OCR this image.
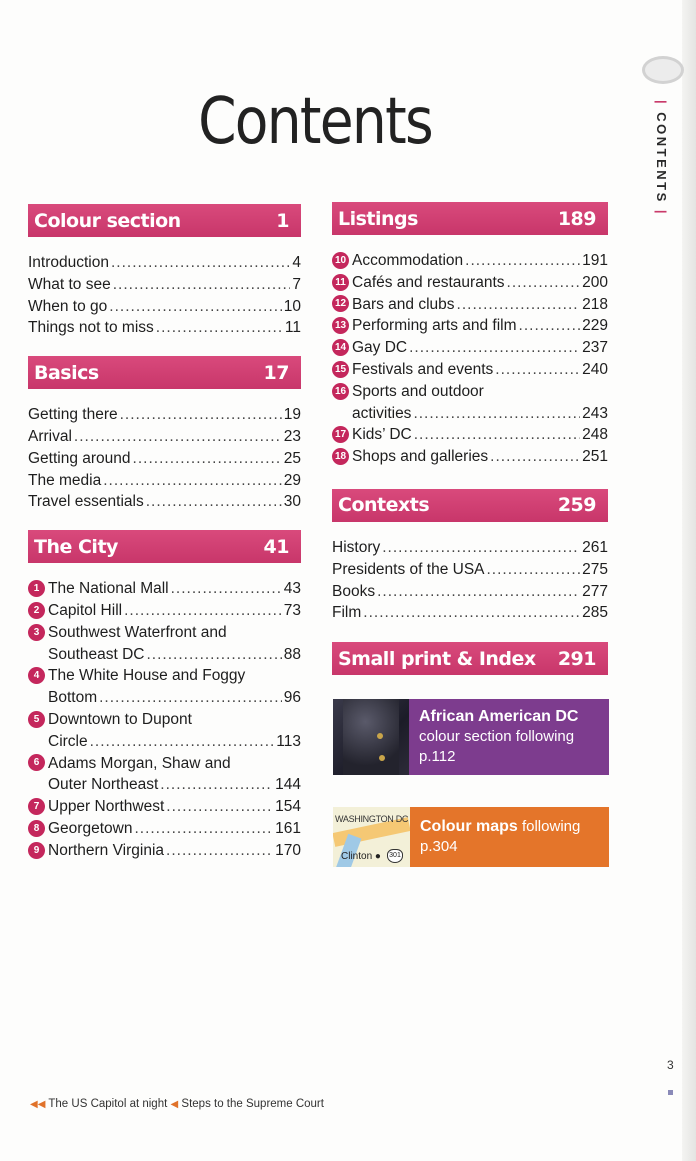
| CONTENTS |
Contents
Colour section	1
Introduction .....	4
What to see .....	7
When to go .....	10
Things not to miss .....	11
Basics	17
Getting there .....	19
Arrival .....	23
Getting around .....	25
The media .....	29
Travel essentials .....	30
The City	41
1 The National Mall .....	43
2 Capitol Hill .....	73
3 Southwest Waterfront and
Southeast DC .....	88
4 The White House and Foggy
Bottom .....	96
5 Downtown to Dupont
Circle .....	113
6 Adams Morgan, Shaw and
Outer Northeast .....	144
7 Upper Northwest .....	154
8 Georgetown .....	161
9 Northern Virginia .....	170
Listings	189
10 Accommodation .....	191
11 Cafés and restaurants .....	200
12 Bars and clubs .....	218
13 Performing arts and film .....	229
14 Gay DC .....	237
15 Festivals and events .....	240
16 Sports and outdoor
activities .....	243
17 Kids’ DC .....	248
18 Shops and galleries .....	251
Contexts	259
History .....	261
Presidents of the USA .....	275
Books .....	277
Film .....	285
Small print & Index 291
African American DC
colour section following p.112
WASHINGTON DC
Clinton ●	301
Colour maps following p.304
◀◀ The US Capitol at night ◀ Steps to the Supreme Court
3
